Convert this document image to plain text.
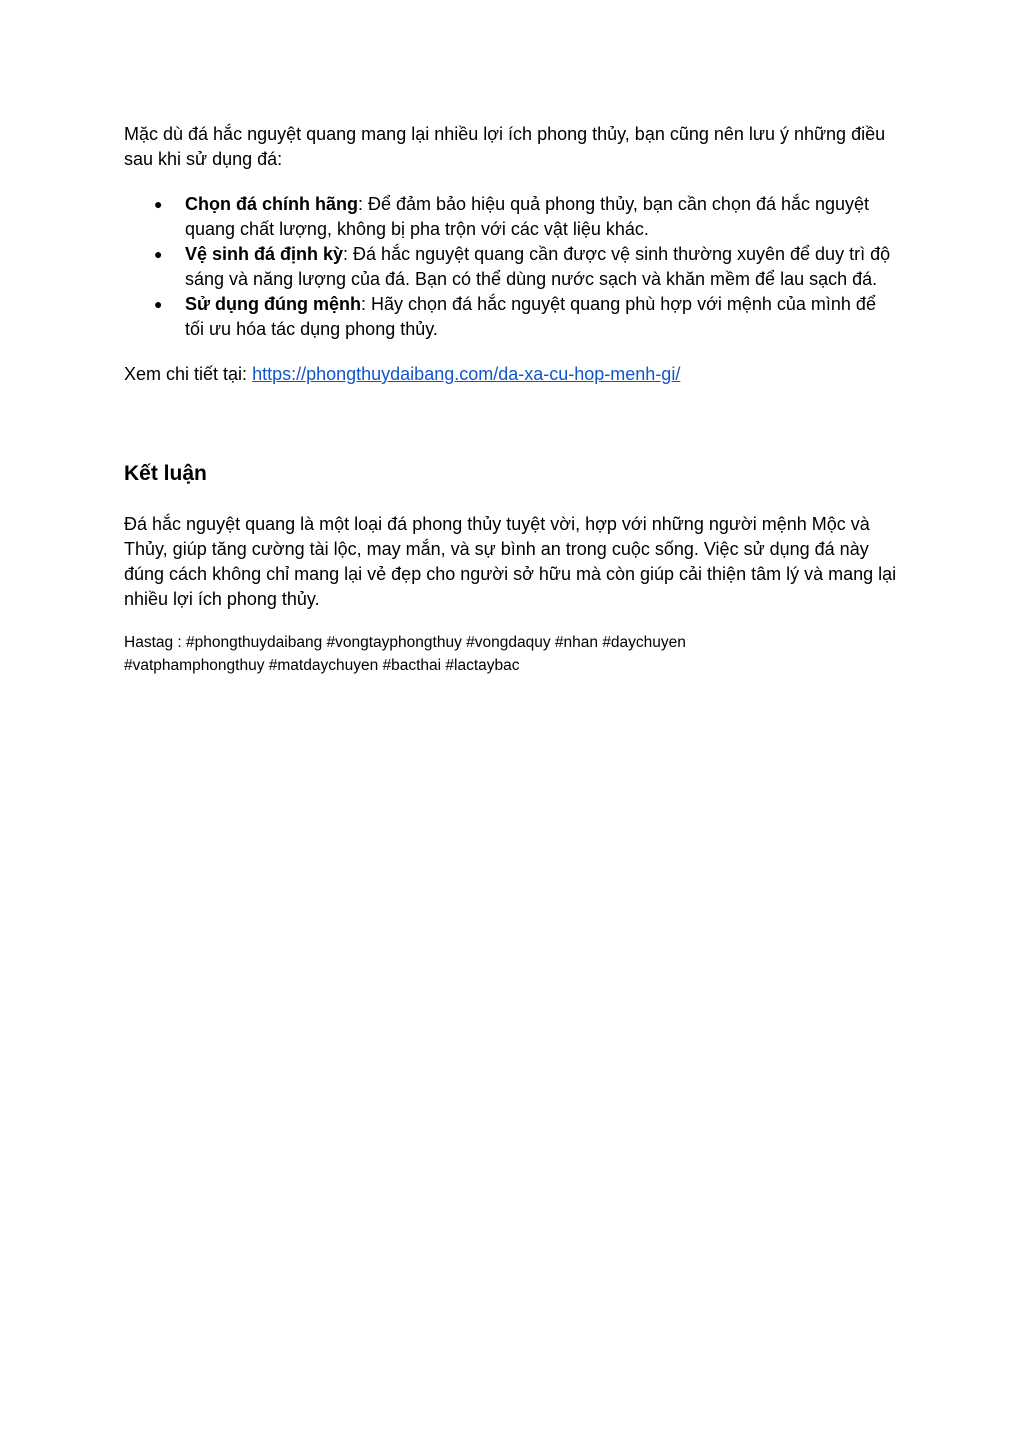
Mặc dù đá hắc nguyệt quang mang lại nhiều lợi ích phong thủy, bạn cũng nên lưu ý những điều sau khi sử dụng đá:

● Chọn đá chính hãng: Để đảm bảo hiệu quả phong thủy, bạn cần chọn đá hắc nguyệt quang chất lượng, không bị pha trộn với các vật liệu khác.
● Vệ sinh đá định kỳ: Đá hắc nguyệt quang cần được vệ sinh thường xuyên để duy trì độ sáng và năng lượng của đá. Bạn có thể dùng nước sạch và khăn mềm để lau sạch đá.
● Sử dụng đúng mệnh: Hãy chọn đá hắc nguyệt quang phù hợp với mệnh của mình để tối ưu hóa tác dụng phong thủy.

Xem chi tiết tại: https://phongthuydaibang.com/da-xa-cu-hop-menh-gi/

Kết luận

Đá hắc nguyệt quang là một loại đá phong thủy tuyệt vời, hợp với những người mệnh Mộc và Thủy, giúp tăng cường tài lộc, may mắn, và sự bình an trong cuộc sống. Việc sử dụng đá này đúng cách không chỉ mang lại vẻ đẹp cho người sở hữu mà còn giúp cải thiện tâm lý và mang lại nhiều lợi ích phong thủy.

Hastag : #phongthuydaibang #vongtayphongthuy #vongdaquy #nhan #daychuyen #vatphamphongthuy #matdaychuyen #bacthai #lactaybac
